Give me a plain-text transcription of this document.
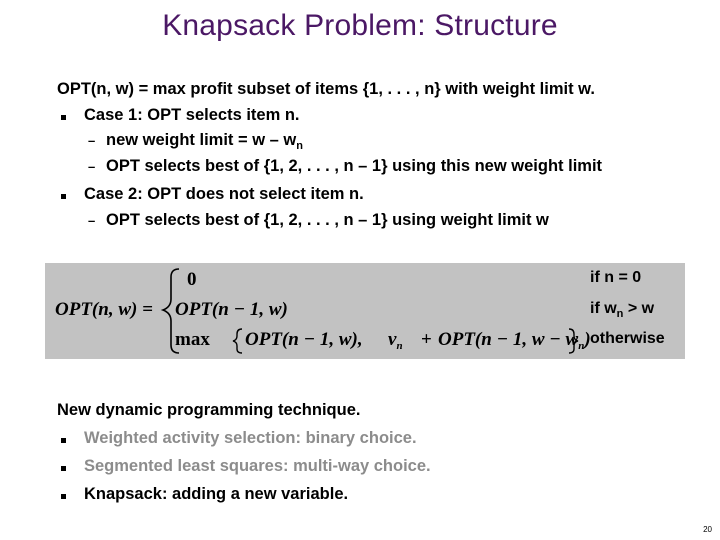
Knapsack Problem: Structure
OPT(n, w) = max profit subset of items {1, . . . , n} with weight limit w.
Case 1: OPT selects item n.
– new weight limit = w – $w_n$
– OPT selects best of {1, 2, . . . , n – 1} using this new weight limit
Case 2: OPT does not select item n.
– OPT selects best of {1, 2, . . . , n – 1} using weight limit w
OPT(n, w) =
0	if n = 0
OPT(n − 1, w)	if $w_n > w$
max OPT(n − 1, w), $v_n + OPT(n - 1$, $w - w_n$) otherwise
New dynamic programming technique.
Weighted activity selection: binary choice.
Segmented least squares: multi-way choice.
Knapsack: adding a new variable.
20
